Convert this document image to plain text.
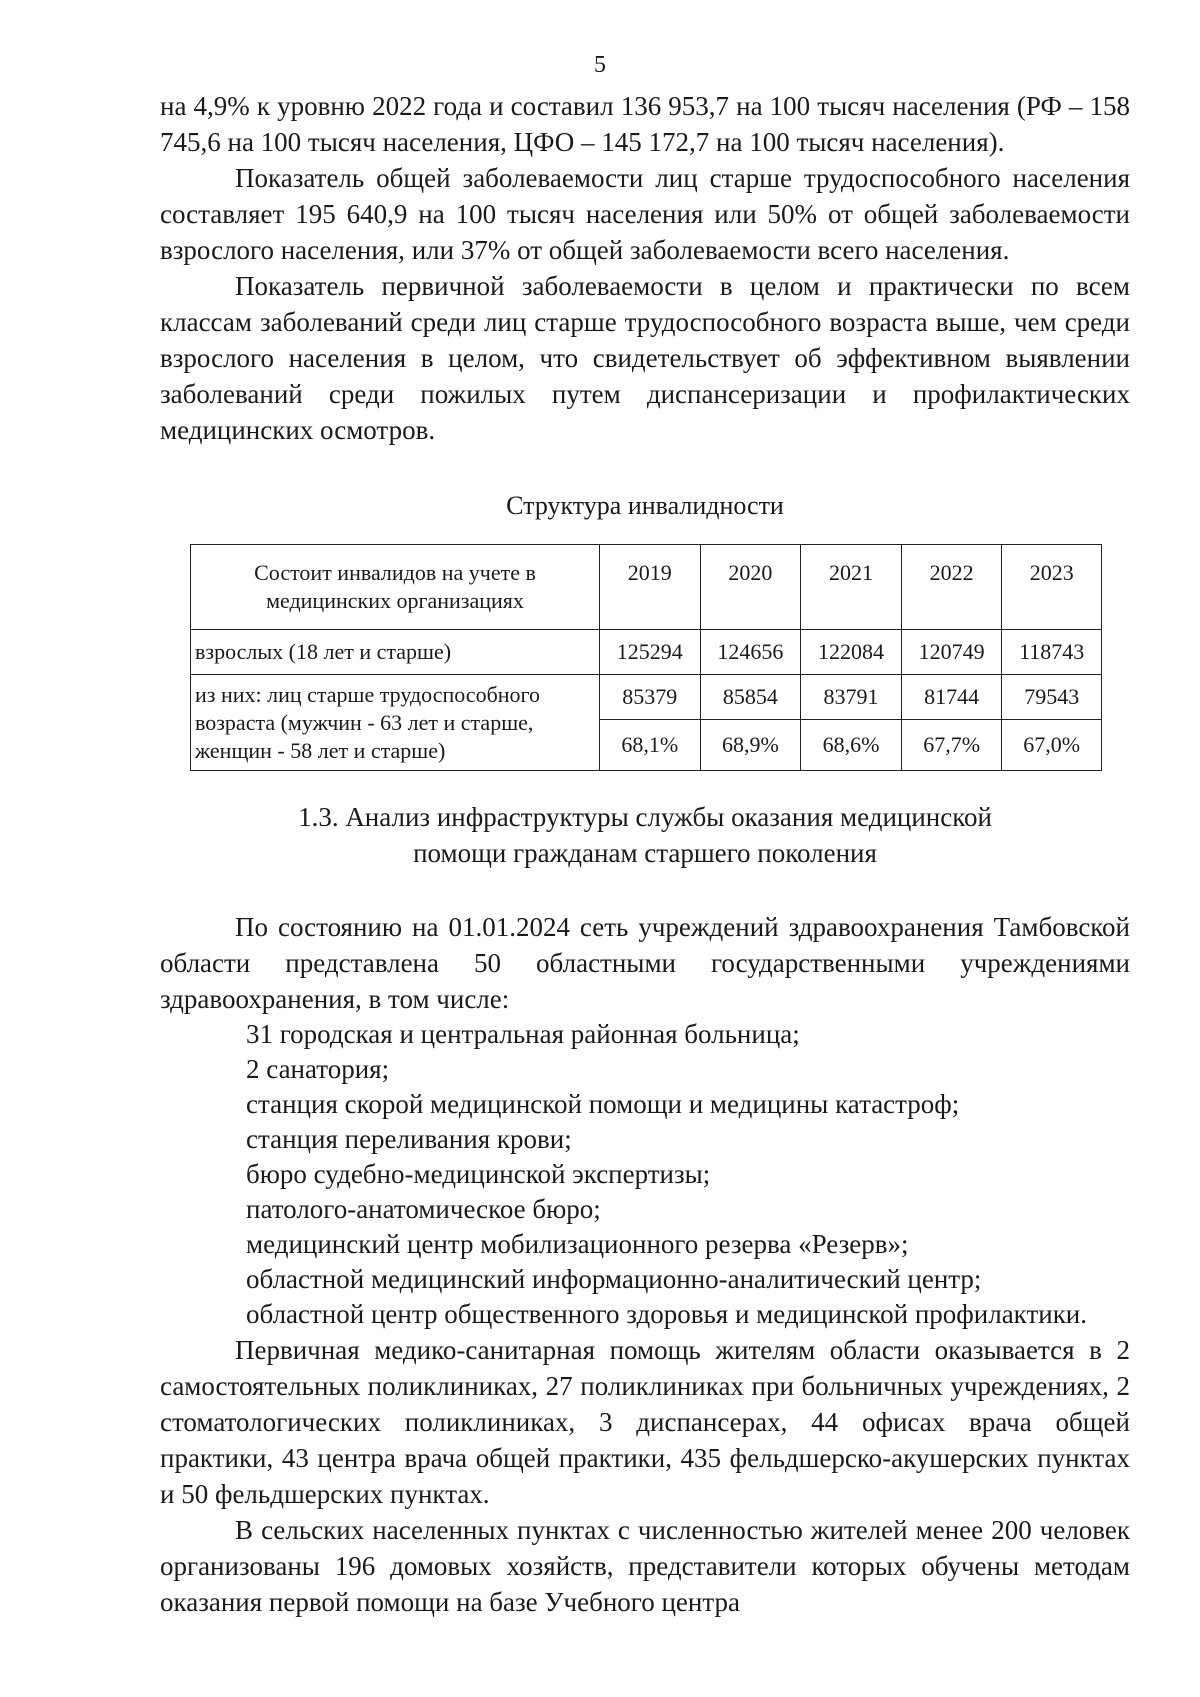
5

на 4,9% к уровню 2022 года и составил 136 953,7 на 100 тысяч населения (РФ – 158 745,6 на 100 тысяч населения, ЦФО – 145 172,7 на 100 тысяч населения).

Показатель общей заболеваемости лиц старше трудоспособного населения составляет 195 640,9 на 100 тысяч населения или 50% от общей заболеваемости взрослого населения, или 37% от общей заболеваемости всего населения.

Показатель первичной заболеваемости в целом и практически по всем классам заболеваний среди лиц старше трудоспособного возраста выше, чем среди взрослого населения в целом, что свидетельствует об эффективном выявлении заболеваний среди пожилых путем диспансеризации и профилактических медицинских осмотров.

Структура инвалидности
Состоит инвалидов на учете в медицинских организациях	2019	2020	2021	2022	2023
взрослых (18 лет и старше)	125294	124656	122084	120749	118743
из них: лиц старше трудоспособного возраста (мужчин - 63 лет и старше, женщин - 58 лет и старше)	85379	85854	83791	81744	79543
	68,1%	68,9%	68,6%	67,7%	67,0%
1.3. Анализ инфраструктуры службы оказания медицинской
помощи гражданам старшего поколения

По состоянию на 01.01.2024 сеть учреждений здравоохранения Тамбовской области представлена 50 областными государственными учреждениями здравоохранения, в том числе:

31 городская и центральная районная больница;
2 санатория;
станция скорой медицинской помощи и медицины катастроф;
станция переливания крови;
бюро судебно-медицинской экспертизы;
патолого-анатомическое бюро;
медицинский центр мобилизационного резерва «Резерв»;
областной медицинский информационно-аналитический центр;
областной центр общественного здоровья и медицинской профилактики.

Первичная медико-санитарная помощь жителям области оказывается в 2 самостоятельных поликлиниках, 27 поликлиниках при больничных учреждениях, 2 стоматологических поликлиниках, 3 диспансерах, 44 офисах врача общей практики, 43 центра врача общей практики, 435 фельдшерско-акушерских пунктах и 50 фельдшерских пунктах.

В сельских населенных пунктах с численностью жителей менее 200 человек организованы 196 домовых хозяйств, представители которых обучены методам оказания первой помощи на базе Учебного центра
